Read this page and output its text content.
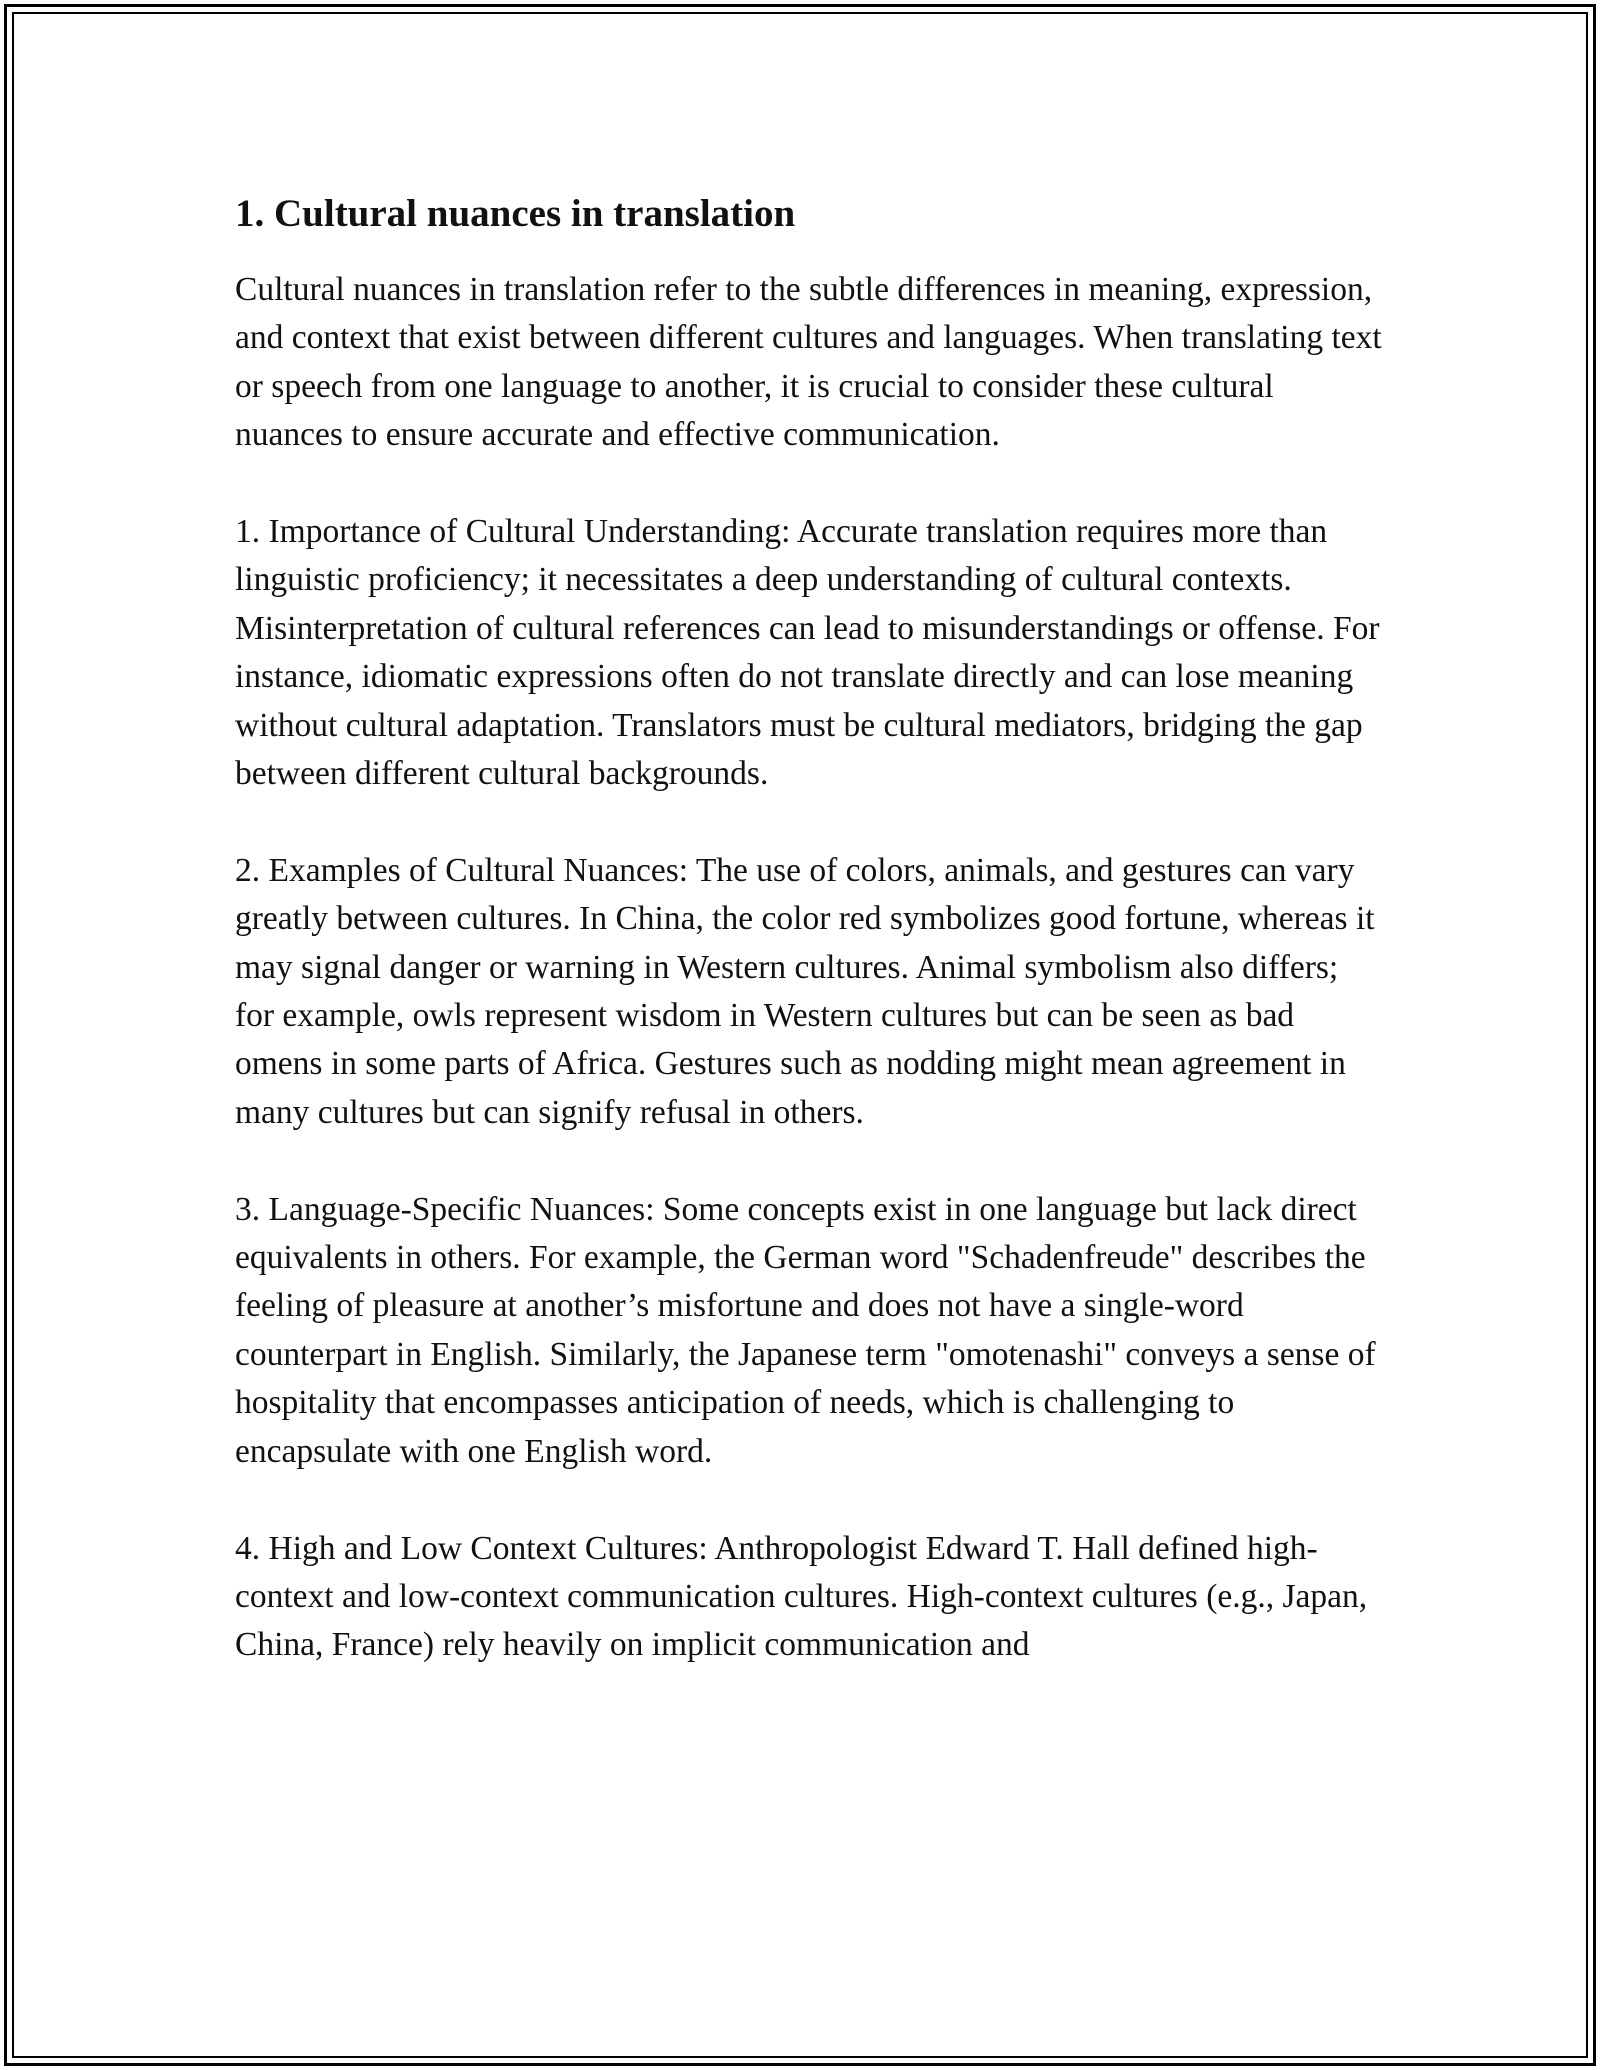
1. Cultural nuances in translation

Cultural nuances in translation refer to the subtle differences in meaning, expression, and context that exist between different cultures and languages. When translating text or speech from one language to another, it is crucial to consider these cultural nuances to ensure accurate and effective communication.

1. Importance of Cultural Understanding: Accurate translation requires more than linguistic proficiency; it necessitates a deep understanding of cultural contexts. Misinterpretation of cultural references can lead to misunderstandings or offense. For instance, idiomatic expressions often do not translate directly and can lose meaning without cultural adaptation. Translators must be cultural mediators, bridging the gap between different cultural backgrounds.

2. Examples of Cultural Nuances: The use of colors, animals, and gestures can vary greatly between cultures. In China, the color red symbolizes good fortune, whereas it may signal danger or warning in Western cultures. Animal symbolism also differs; for example, owls represent wisdom in Western cultures but can be seen as bad omens in some parts of Africa. Gestures such as nodding might mean agreement in many cultures but can signify refusal in others.

3. Language-Specific Nuances: Some concepts exist in one language but lack direct equivalents in others. For example, the German word "Schadenfreude" describes the feeling of pleasure at another’s misfortune and does not have a single-word counterpart in English. Similarly, the Japanese term "omotenashi" conveys a sense of hospitality that encompasses anticipation of needs, which is challenging to encapsulate with one English word.

4. High and Low Context Cultures: Anthropologist Edward T. Hall defined high-context and low-context communication cultures. High-context cultures (e.g., Japan, China, France) rely heavily on implicit communication and
